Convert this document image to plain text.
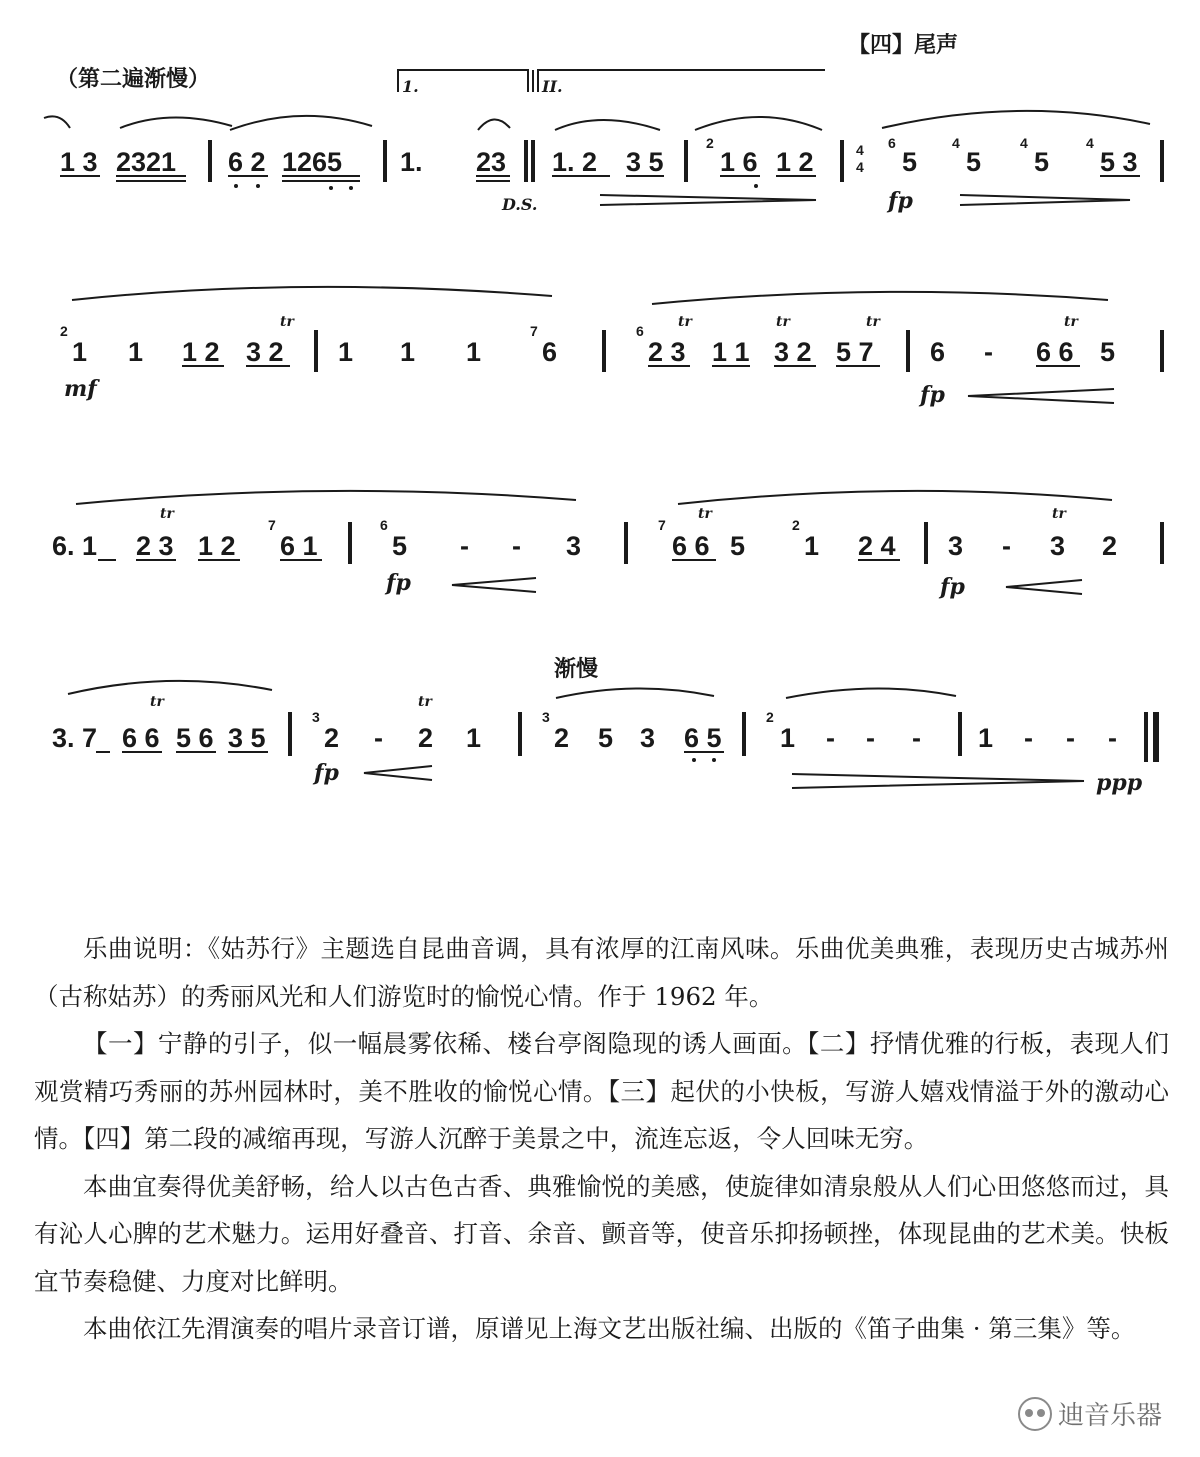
【四】尾声
（第二遍渐慢）	1.	II.
1 3 2321 6 2 1265 1. 23
D.S.
1. 2 3 5
2
1 6 1 2	4
4
6
5
4
5
4
5
4
5 3
fp
2
1 1 1 2 3 2
tr
1 1 1
7
6
6
2 3
tr
1 1 3 2
tr
5 7
tr
6 - 6 6
tr
5
mf	fp
6. 1 2 3
tr
1 2
7
6 1
6
5 - - 3
7
6 6
tr
5
2
1 2 4 3 - 3
tr
2
fp	fp
渐慢
3. 7 6 6
tr
5 6 3 5
3
2 - 2
tr
1
3
2 5 3 6 5
2
1 - - - 1 - - -
fp	ppp

乐曲说明：《姑苏行》主题选自昆曲音调，具有浓厚的江南风味。乐曲优美典雅，表现历史古城苏州（古称姑苏）的秀丽风光和人们游览时的愉悦心情。作于 1962 年。

【一】宁静的引子，似一幅晨雾依稀、楼台亭阁隐现的诱人画面。【二】抒情优雅的行板，表现人们观赏精巧秀丽的苏州园林时，美不胜收的愉悦心情。【三】起伏的小快板，写游人嬉戏情溢于外的激动心情。【四】第二段的减缩再现，写游人沉醉于美景之中，流连忘返，令人回味无穷。

本曲宜奏得优美舒畅，给人以古色古香、典雅愉悦的美感，使旋律如清泉般从人们心田悠悠而过，具有沁人心脾的艺术魅力。运用好叠音、打音、余音、颤音等，使音乐抑扬顿挫，体现昆曲的艺术美。快板宜节奏稳健、力度对比鲜明。

本曲依江先渭演奏的唱片录音订谱，原谱见上海文艺出版社编、出版的《笛子曲集 · 第三集》等。

迪音乐器
